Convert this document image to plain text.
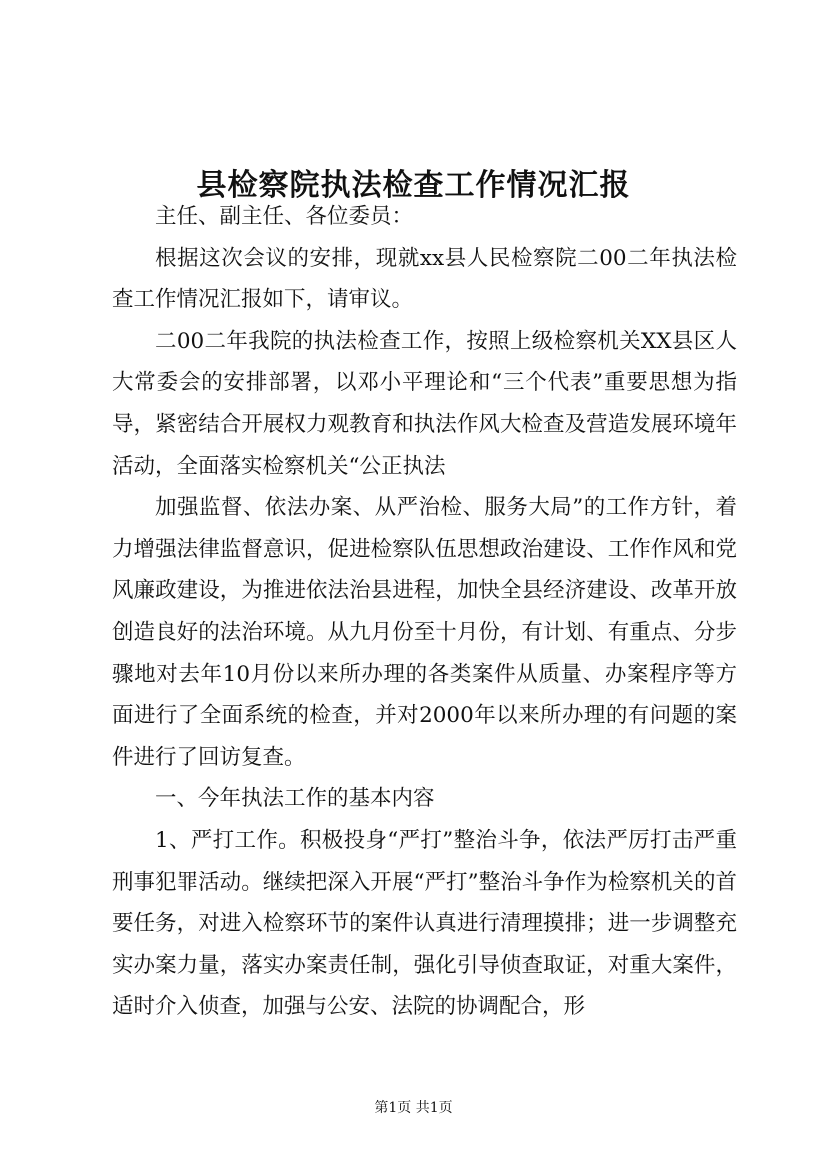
县检察院执法检查工作情况汇报

主任、副主任、各位委员：

根据这次会议的安排，现就xx县人民检察院二00二年执法检查工作情况汇报如下，请审议。

二00二年我院的执法检查工作，按照上级检察机关XX县区人大常委会的安排部署，以邓小平理论和“三个代表”重要思想为指导，紧密结合开展权力观教育和执法作风大检查及营造发展环境年活动，全面落实检察机关“公正执法

加强监督、依法办案、从严治检、服务大局”的工作方针，着力增强法律监督意识，促进检察队伍思想政治建设、工作作风和党风廉政建设，为推进依法治县进程，加快全县经济建设、改革开放创造良好的法治环境。从九月份至十月份，有计划、有重点、分步骤地对去年10月份以来所办理的各类案件从质量、办案程序等方面进行了全面系统的检查，并对2000年以来所办理的有问题的案件进行了回访复查。

一、今年执法工作的基本内容

1、严打工作。积极投身“严打”整治斗争，依法严厉打击严重刑事犯罪活动。继续把深入开展“严打”整治斗争作为检察机关的首要任务，对进入检察环节的案件认真进行清理摸排；进一步调整充实办案力量，落实办案责任制，强化引导侦查取证，对重大案件，适时介入侦查，加强与公安、法院的协调配合，形

第1页 共1页
